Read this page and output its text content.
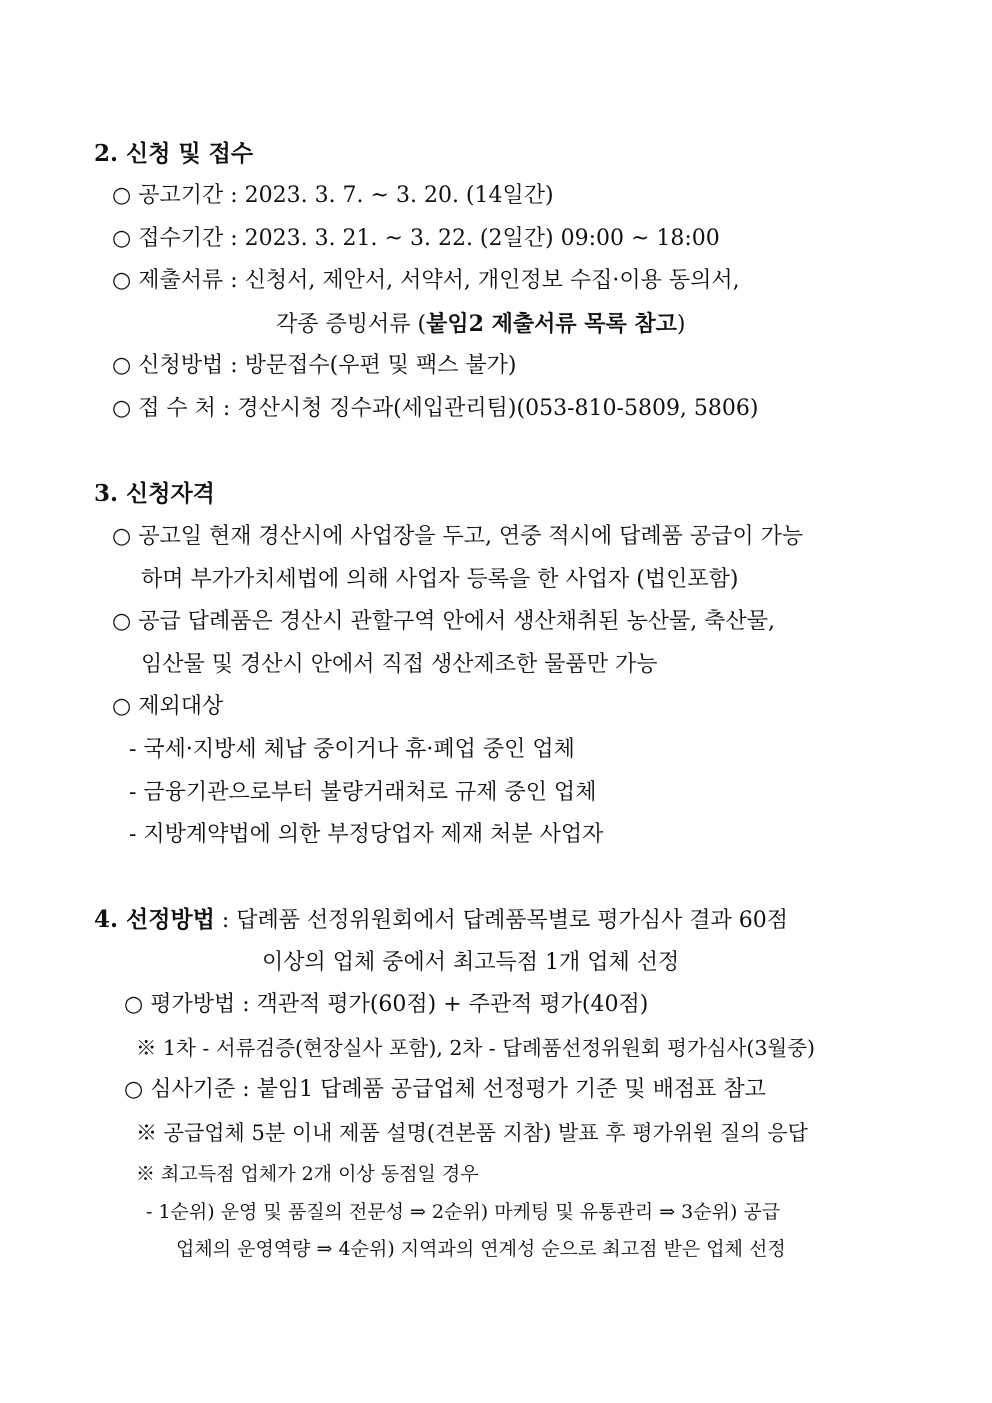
2. 신청 및 접수
○ 공고기간 : 2023. 3. 7. ~ 3. 20. (14일간)
○ 접수기간 : 2023. 3. 21. ~ 3. 22. (2일간) 09:00 ~ 18:00
○ 제출서류 : 신청서, 제안서, 서약서, 개인정보 수집·이용 동의서,
각종 증빙서류 (붙임2 제출서류 목록 참고)
○ 신청방법 : 방문접수(우편 및 팩스 불가)
○ 접 수 처 : 경산시청 징수과(세입관리팀)(053-810-5809, 5806)
3. 신청자격
○ 공고일 현재 경산시에 사업장을 두고, 연중 적시에 답례품 공급이 가능
하며 부가가치세법에 의해 사업자 등록을 한 사업자 (법인포함)
○ 공급 답례품은 경산시 관할구역 안에서 생산채취된 농산물, 축산물,
임산물 및 경산시 안에서 직접 생산제조한 물품만 가능
○ 제외대상
- 국세·지방세 체납 중이거나 휴·폐업 중인 업체
- 금융기관으로부터 불량거래처로 규제 중인 업체
- 지방계약법에 의한 부정당업자 제재 처분 사업자
4. 선정방법 : 답례품 선정위원회에서 답례품목별로 평가심사 결과 60점
이상의 업체 중에서 최고득점 1개 업체 선정
○ 평가방법 : 객관적 평가(60점) + 주관적 평가(40점)
※ 1차 - 서류검증(현장실사 포함), 2차 - 답례품선정위원회 평가심사(3월중)
○ 심사기준 : 붙임1 답례품 공급업체 선정평가 기준 및 배점표 참고
※ 공급업체 5분 이내 제품 설명(견본품 지참) 발표 후 평가위원 질의 응답
※ 최고득점 업체가 2개 이상 동점일 경우
- 1순위) 운영 및 품질의 전문성 ⇒ 2순위) 마케팅 및 유통관리 ⇒ 3순위) 공급
업체의 운영역량 ⇒ 4순위) 지역과의 연계성 순으로 최고점 받은 업체 선정
